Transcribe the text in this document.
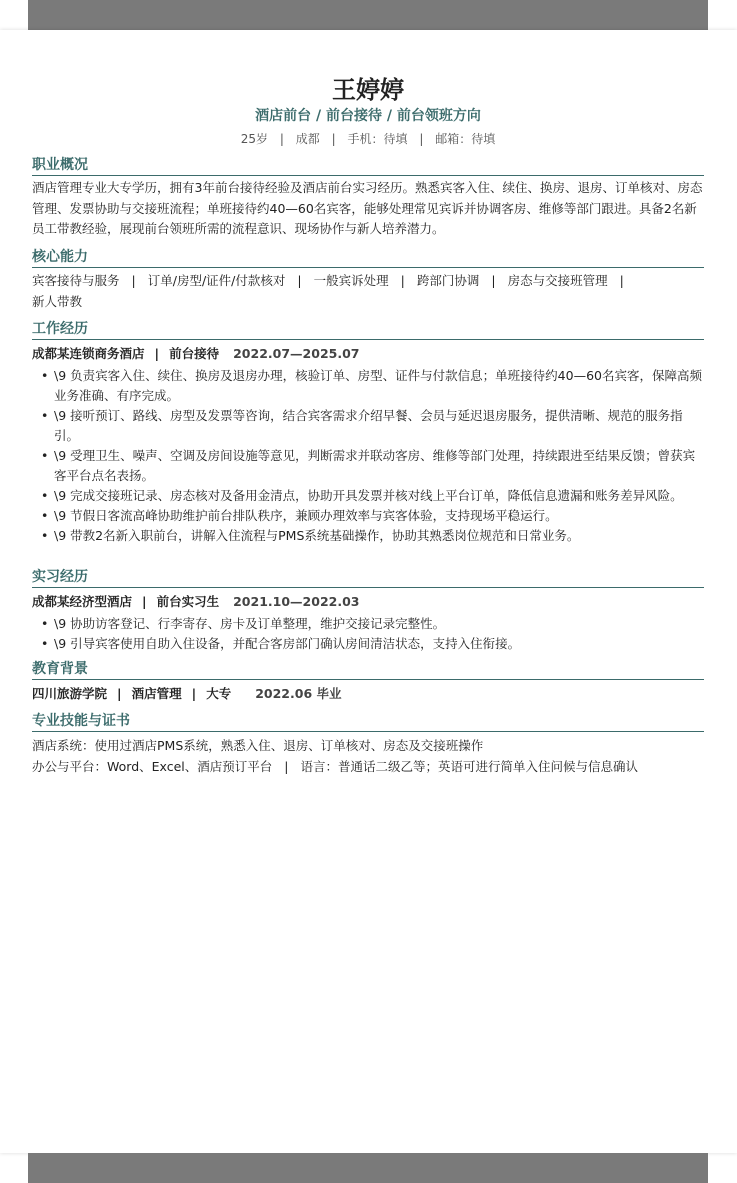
王婷婷
酒店前台 / 前台接待 / 前台领班方向
25岁 | 成都 | 手机：待填 | 邮箱：待填
职业概况
酒店管理专业大专学历，拥有3年前台接待经验及酒店前台实习经历。熟悉宾客入住、续住、换房、退房、订单核对、房态管理、发票协助与交接班流程；单班接待约40—60名宾客，能够处理常见宾诉并协调客房、维修等部门跟进。具备2名新员工带教经验，展现前台领班所需的流程意识、现场协作与新人培养潜力。
核心能力
宾客接待与服务 | 订单/房型/证件/付款核对 | 一般宾诉处理 | 跨部门协调 | 房态与交接班管理 |
新人带教
工作经历
成都某连锁商务酒店 | 前台接待 2022.07—2025.07
• \9 负责宾客入住、续住、换房及退房办理，核验订单、房型、证件与付款信息；单班接待约40—60名宾客，保障高频业务准确、有序完成。
• \9 接听预订、路线、房型及发票等咨询，结合宾客需求介绍早餐、会员与延迟退房服务，提供清晰、规范的服务指引。
• \9 受理卫生、噪声、空调及房间设施等意见，判断需求并联动客房、维修等部门处理，持续跟进至结果反馈；曾获宾客平台点名表扬。
• \9 完成交接班记录、房态核对及备用金清点，协助开具发票并核对线上平台订单，降低信息遗漏和账务差异风险。
• \9 节假日客流高峰协助维护前台排队秩序，兼顾办理效率与宾客体验，支持现场平稳运行。
• \9 带教2名新入职前台，讲解入住流程与PMS系统基础操作，协助其熟悉岗位规范和日常业务。
实习经历
成都某经济型酒店 | 前台实习生 2021.10—2022.03
• \9 协助访客登记、行李寄存、房卡及订单整理，维护交接记录完整性。
• \9 引导宾客使用自助入住设备，并配合客房部门确认房间清洁状态，支持入住衔接。
教育背景
四川旅游学院 | 酒店管理 | 大专 2022.06 毕业
专业技能与证书
酒店系统：使用过酒店PMS系统，熟悉入住、退房、订单核对、房态及交接班操作
办公与平台：Word、Excel、酒店预订平台 | 语言：普通话二级乙等；英语可进行简单入住问候与信息确认
